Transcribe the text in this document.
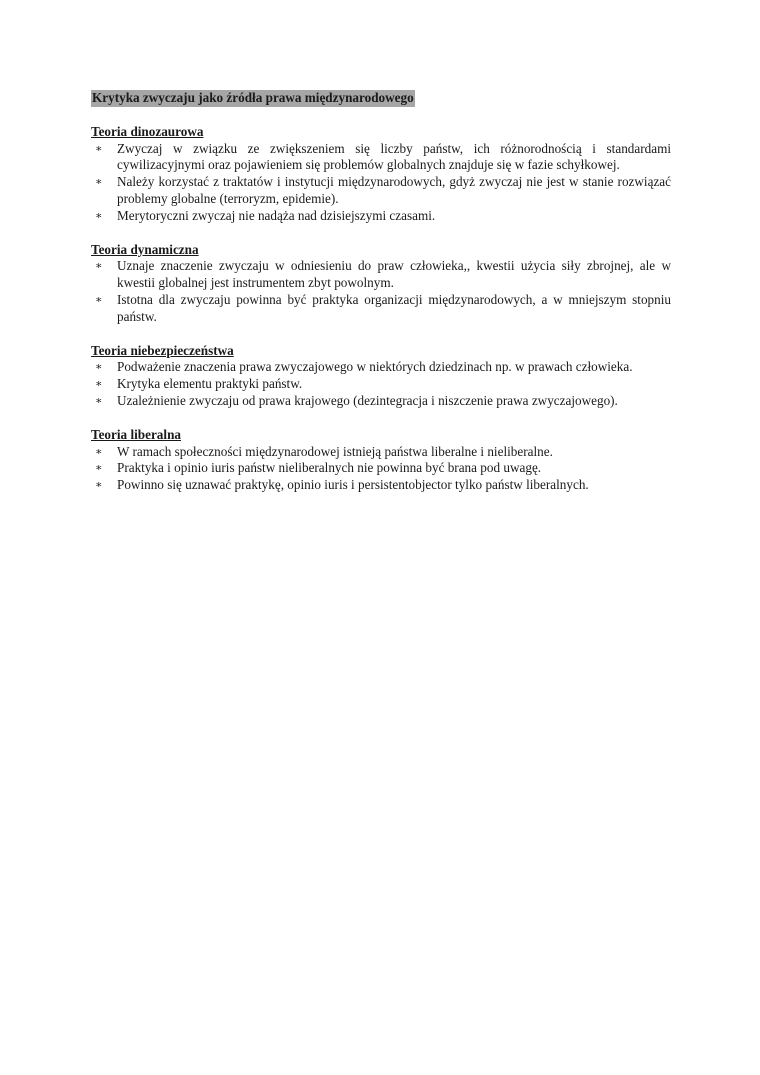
Krytyka zwyczaju jako źródła prawa międzynarodowego
Teoria dinozaurowa
∗ Zwyczaj w związku ze zwiększeniem się liczby państw, ich różnorodnością i standardami cywilizacyjnymi oraz pojawieniem się problemów globalnych znajduje się w fazie schyłkowej.
∗ Należy korzystać z traktatów i instytucji międzynarodowych, gdyż zwyczaj nie jest w stanie rozwiązać problemy globalne (terroryzm, epidemie).
∗ Merytoryczni zwyczaj nie nadąża nad dzisiejszymi czasami.
Teoria dynamiczna
∗ Uznaje znaczenie zwyczaju w odniesieniu do praw człowieka,, kwestii użycia siły zbrojnej, ale w kwestii globalnej jest instrumentem zbyt powolnym.
∗ Istotna dla zwyczaju powinna być praktyka organizacji międzynarodowych, a w mniejszym stopniu państw.
Teoria niebezpieczeństwa
∗ Podważenie znaczenia prawa zwyczajowego w niektórych dziedzinach np. w prawach człowieka.
∗ Krytyka elementu praktyki państw.
∗ Uzależnienie zwyczaju od prawa krajowego (dezintegracja i niszczenie prawa zwyczajowego).
Teoria liberalna
∗ W ramach społeczności międzynarodowej istnieją państwa liberalne i nieliberalne.
∗ Praktyka i opinio iuris państw nieliberalnych nie powinna być brana pod uwagę.
∗ Powinno się uznawać praktykę, opinio iuris i persistentobjector tylko państw liberalnych.
